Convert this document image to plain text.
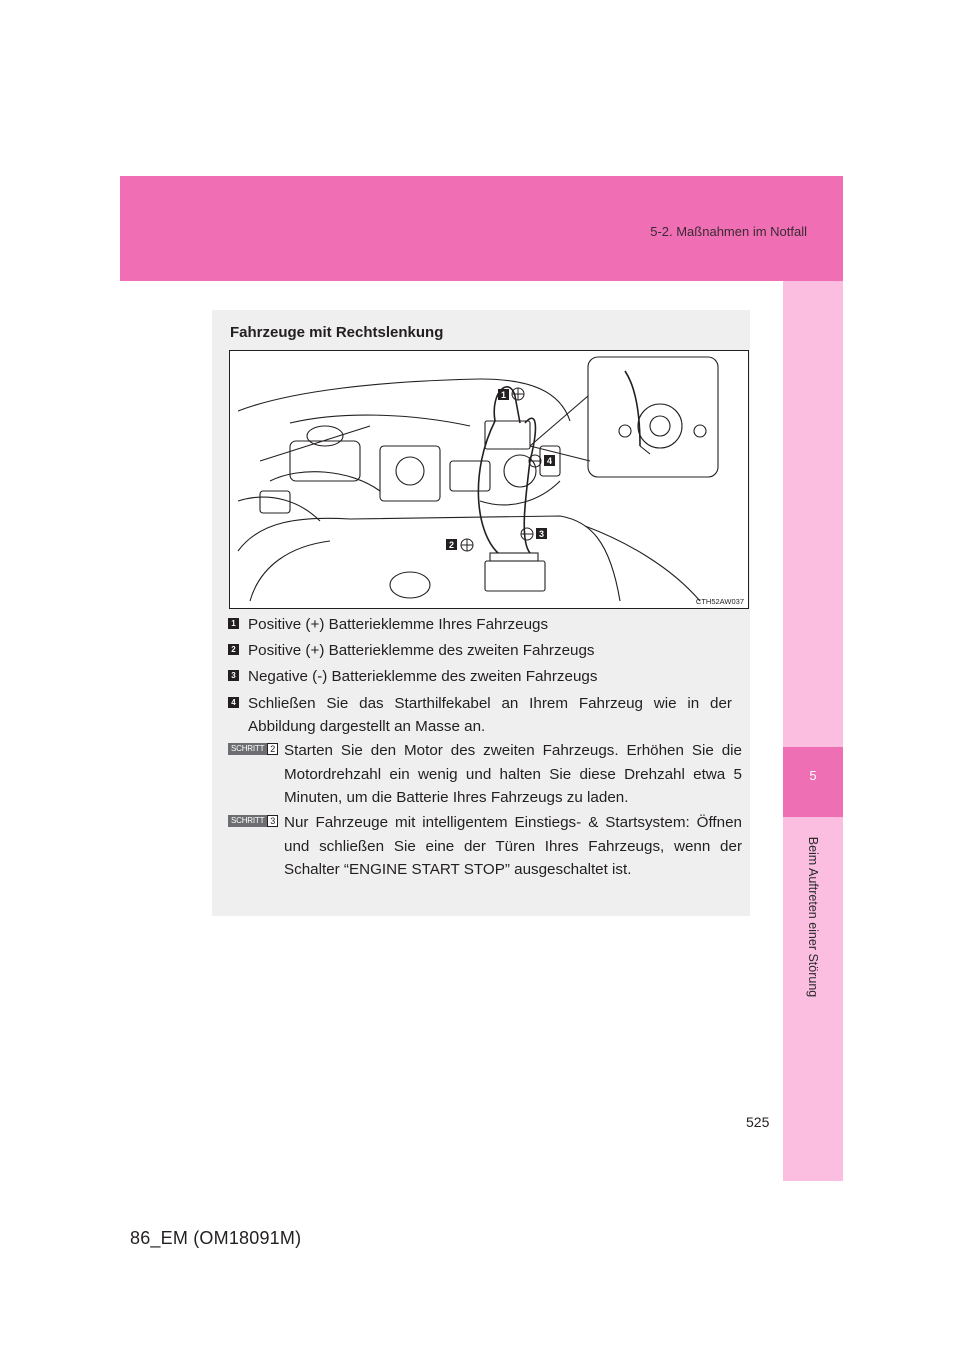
5-2. Maßnahmen im Notfall
5
Beim Auftreten einer Störung
Fahrzeuge mit Rechtslenkung
1
4
3
2
CTH52AW037
1 Positive (+) Batterieklemme Ihres Fahrzeugs
2 Positive (+) Batterieklemme des zweiten Fahrzeugs
3 Negative (-) Batterieklemme des zweiten Fahrzeugs
4 Schließen Sie das Starthilfekabel an Ihrem Fahrzeug wie in der Abbildung dargestellt an Masse an.
SCHRITT 2 Starten Sie den Motor des zweiten Fahrzeugs. Erhöhen Sie die Motordrehzahl ein wenig und halten Sie diese Drehzahl etwa 5 Minuten, um die Batterie Ihres Fahrzeugs zu laden.
SCHRITT 3 Nur Fahrzeuge mit intelligentem Einstiegs- & Startsystem: Öffnen und schließen Sie eine der Türen Ihres Fahrzeugs, wenn der Schalter “ENGINE START STOP” ausgeschaltet ist.
525
86_EM (OM18091M)
